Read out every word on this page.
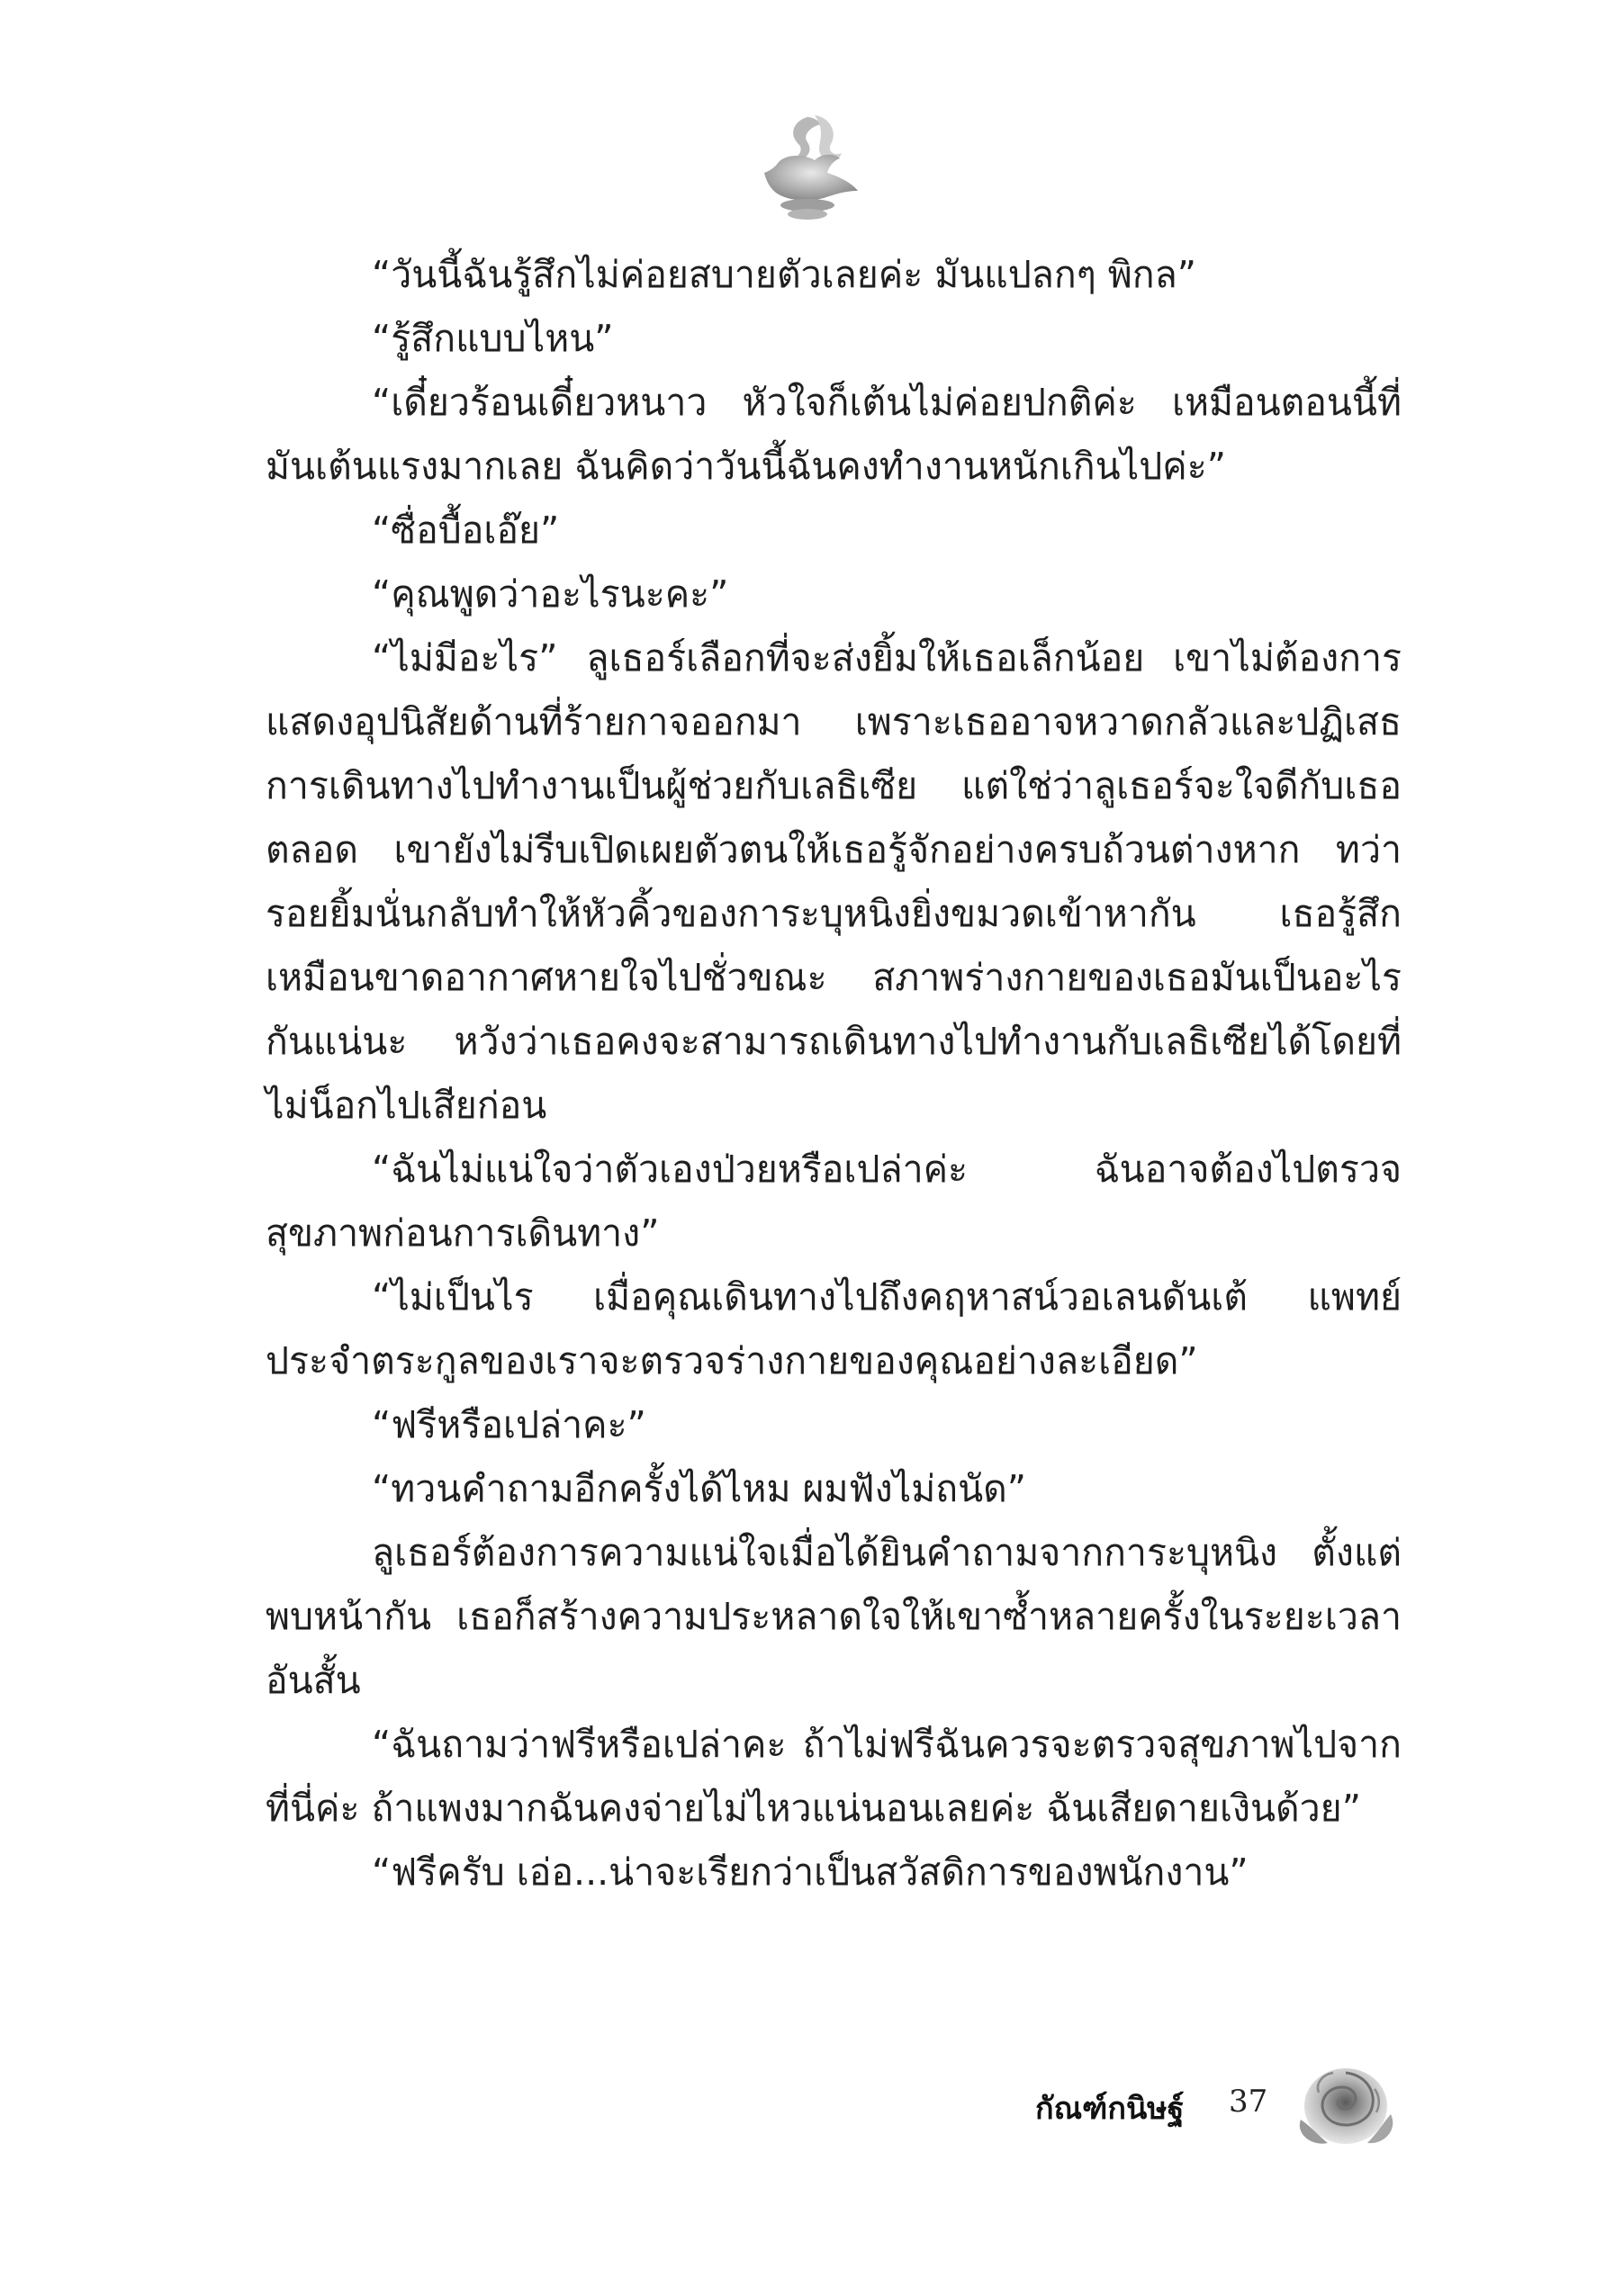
“วันนี้ฉันรู้สึกไม่ค่อยสบายตัวเลยค่ะ มันแปลกๆ พิกล”

“รู้สึกแบบไหน”

“เดี๋ยวร้อนเดี๋ยวหนาว หัวใจก็เต้นไม่ค่อยปกติค่ะ เหมือนตอนนี้ที่มันเต้นแรงมากเลย ฉันคิดว่าวันนี้ฉันคงทำงานหนักเกินไปค่ะ”

“ซื่อบื้อเอ๊ย”

“คุณพูดว่าอะไรนะคะ”

“ไม่มีอะไร” ลูเธอร์เลือกที่จะส่งยิ้มให้เธอเล็กน้อย เขาไม่ต้องการแสดงอุปนิสัยด้านที่ร้ายกาจออกมา เพราะเธออาจหวาดกลัวและปฏิเสธการเดินทางไปทำงานเป็นผู้ช่วยกับเลธิเซีย แต่ใช่ว่าลูเธอร์จะใจดีกับเธอตลอด เขายังไม่รีบเปิดเผยตัวตนให้เธอรู้จักอย่างครบถ้วนต่างหาก ทว่ารอยยิ้มนั่นกลับทำให้หัวคิ้วของการะบุหนิงยิ่งขมวดเข้าหากัน เธอรู้สึกเหมือนขาดอากาศหายใจไปชั่วขณะ สภาพร่างกายของเธอมันเป็นอะไรกันแน่นะ หวังว่าเธอคงจะสามารถเดินทางไปทำงานกับเลธิเซียได้โดยที่ไม่น็อกไปเสียก่อน

“ฉันไม่แน่ใจว่าตัวเองป่วยหรือเปล่าค่ะ ฉันอาจต้องไปตรวจสุขภาพก่อนการเดินทาง”

“ไม่เป็นไร เมื่อคุณเดินทางไปถึงคฤหาสน์วอเลนดันเต้ แพทย์ประจำตระกูลของเราจะตรวจร่างกายของคุณอย่างละเอียด”

“ฟรีหรือเปล่าคะ”

“ทวนคำถามอีกครั้งได้ไหม ผมฟังไม่ถนัด”

ลูเธอร์ต้องการความแน่ใจเมื่อได้ยินคำถามจากการะบุหนิง ตั้งแต่พบหน้ากัน เธอก็สร้างความประหลาดใจให้เขาซ้ำหลายครั้งในระยะเวลาอันสั้น

“ฉันถามว่าฟรีหรือเปล่าคะ ถ้าไม่ฟรีฉันควรจะตรวจสุขภาพไปจากที่นี่ค่ะ ถ้าแพงมากฉันคงจ่ายไม่ไหวแน่นอนเลยค่ะ ฉันเสียดายเงินด้วย”

“ฟรีครับ เอ่อ...น่าจะเรียกว่าเป็นสวัสดิการของพนักงาน”

กัณฑ์กนิษฐ์ 37
